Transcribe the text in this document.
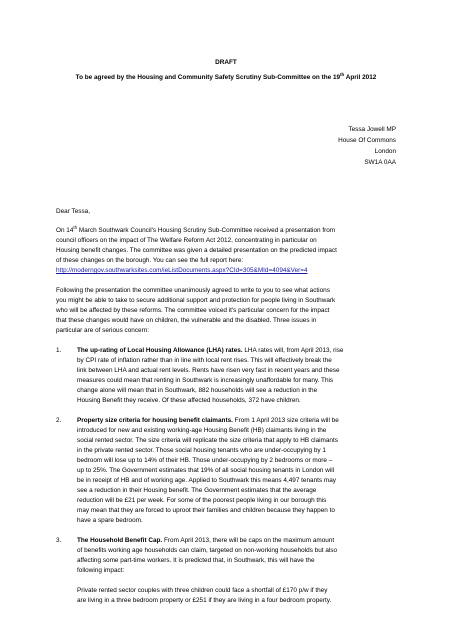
DRAFT
To be agreed by the Housing and Community Safety Scrutiny Sub-Committee on the 19th April 2012
Tessa Jowell MP
House Of Commons
London
SW1A 0AA
Dear Tessa,
On 14th March Southwark Council's Housing Scrutiny Sub-Committee received a presentation from
council officers on the impact of The Welfare Reform Act 2012, concentrating in particular on
Housing benefit changes. The committee was given a detailed presentation on the predicted impact
of these changes on the borough. You can see the full report here:
http://moderngov.southwarksites.com/ieListDocuments.aspx?CId=305&MId=4094&Ver=4
Following the presentation the committee unanimously agreed to write to you to see what actions
you might be able to take to secure additional support and protection for people living in Southwark
who will be affected by these reforms. The committee voiced it's particular concern for the impact
that these changes would have on children, the vulnerable and the disabled. Three issues in
particular are of serious concern:
1. The up-rating of Local Housing Allowance (LHA) rates. LHA rates will, from April 2013, rise
by CPI rate of inflation rather than in line with local rent rises. This will effectively break the
link between LHA and actual rent levels. Rents have risen very fast in recent years and these
measures could mean that renting in Southwark is increasingly unaffordable for many. This
change alone will mean that in Southwark, 882 households will see a reduction in the
Housing Benefit they receive. Of these affected households, 372 have children.
2. Property size criteria for housing benefit claimants. From 1 April 2013 size criteria will be
introduced for new and existing working-age Housing Benefit (HB) claimants living in the
social rented sector. The size criteria will replicate the size criteria that apply to HB claimants
in the private rented sector. Those social housing tenants who are under-occupying by 1
bedroom will lose up to 14% of their HB. Those under-occupying by 2 bedrooms or more –
up to 25%. The Government estimates that 19% of all social housing tenants in London will
be in receipt of HB and of working age. Applied to Southwark this means 4,497 tenants may
see a reduction in their Housing benefit. The Government estimates that the average
reduction will be £21 per week. For some of the poorest people living in our borough this
may mean that they are forced to uproot their families and children because they happen to
have a spare bedroom.
3. The Household Benefit Cap. From April 2013, there will be caps on the maximum amount
of benefits working age households can claim, targeted on non-working households but also
affecting some part-time workers. It is predicted that, in Southwark, this will have the
following impact:
Private rented sector couples with three children could face a shortfall of £170 p/w if they
are living in a three bedroom property or £251 if they are living in a four bedroom property.
